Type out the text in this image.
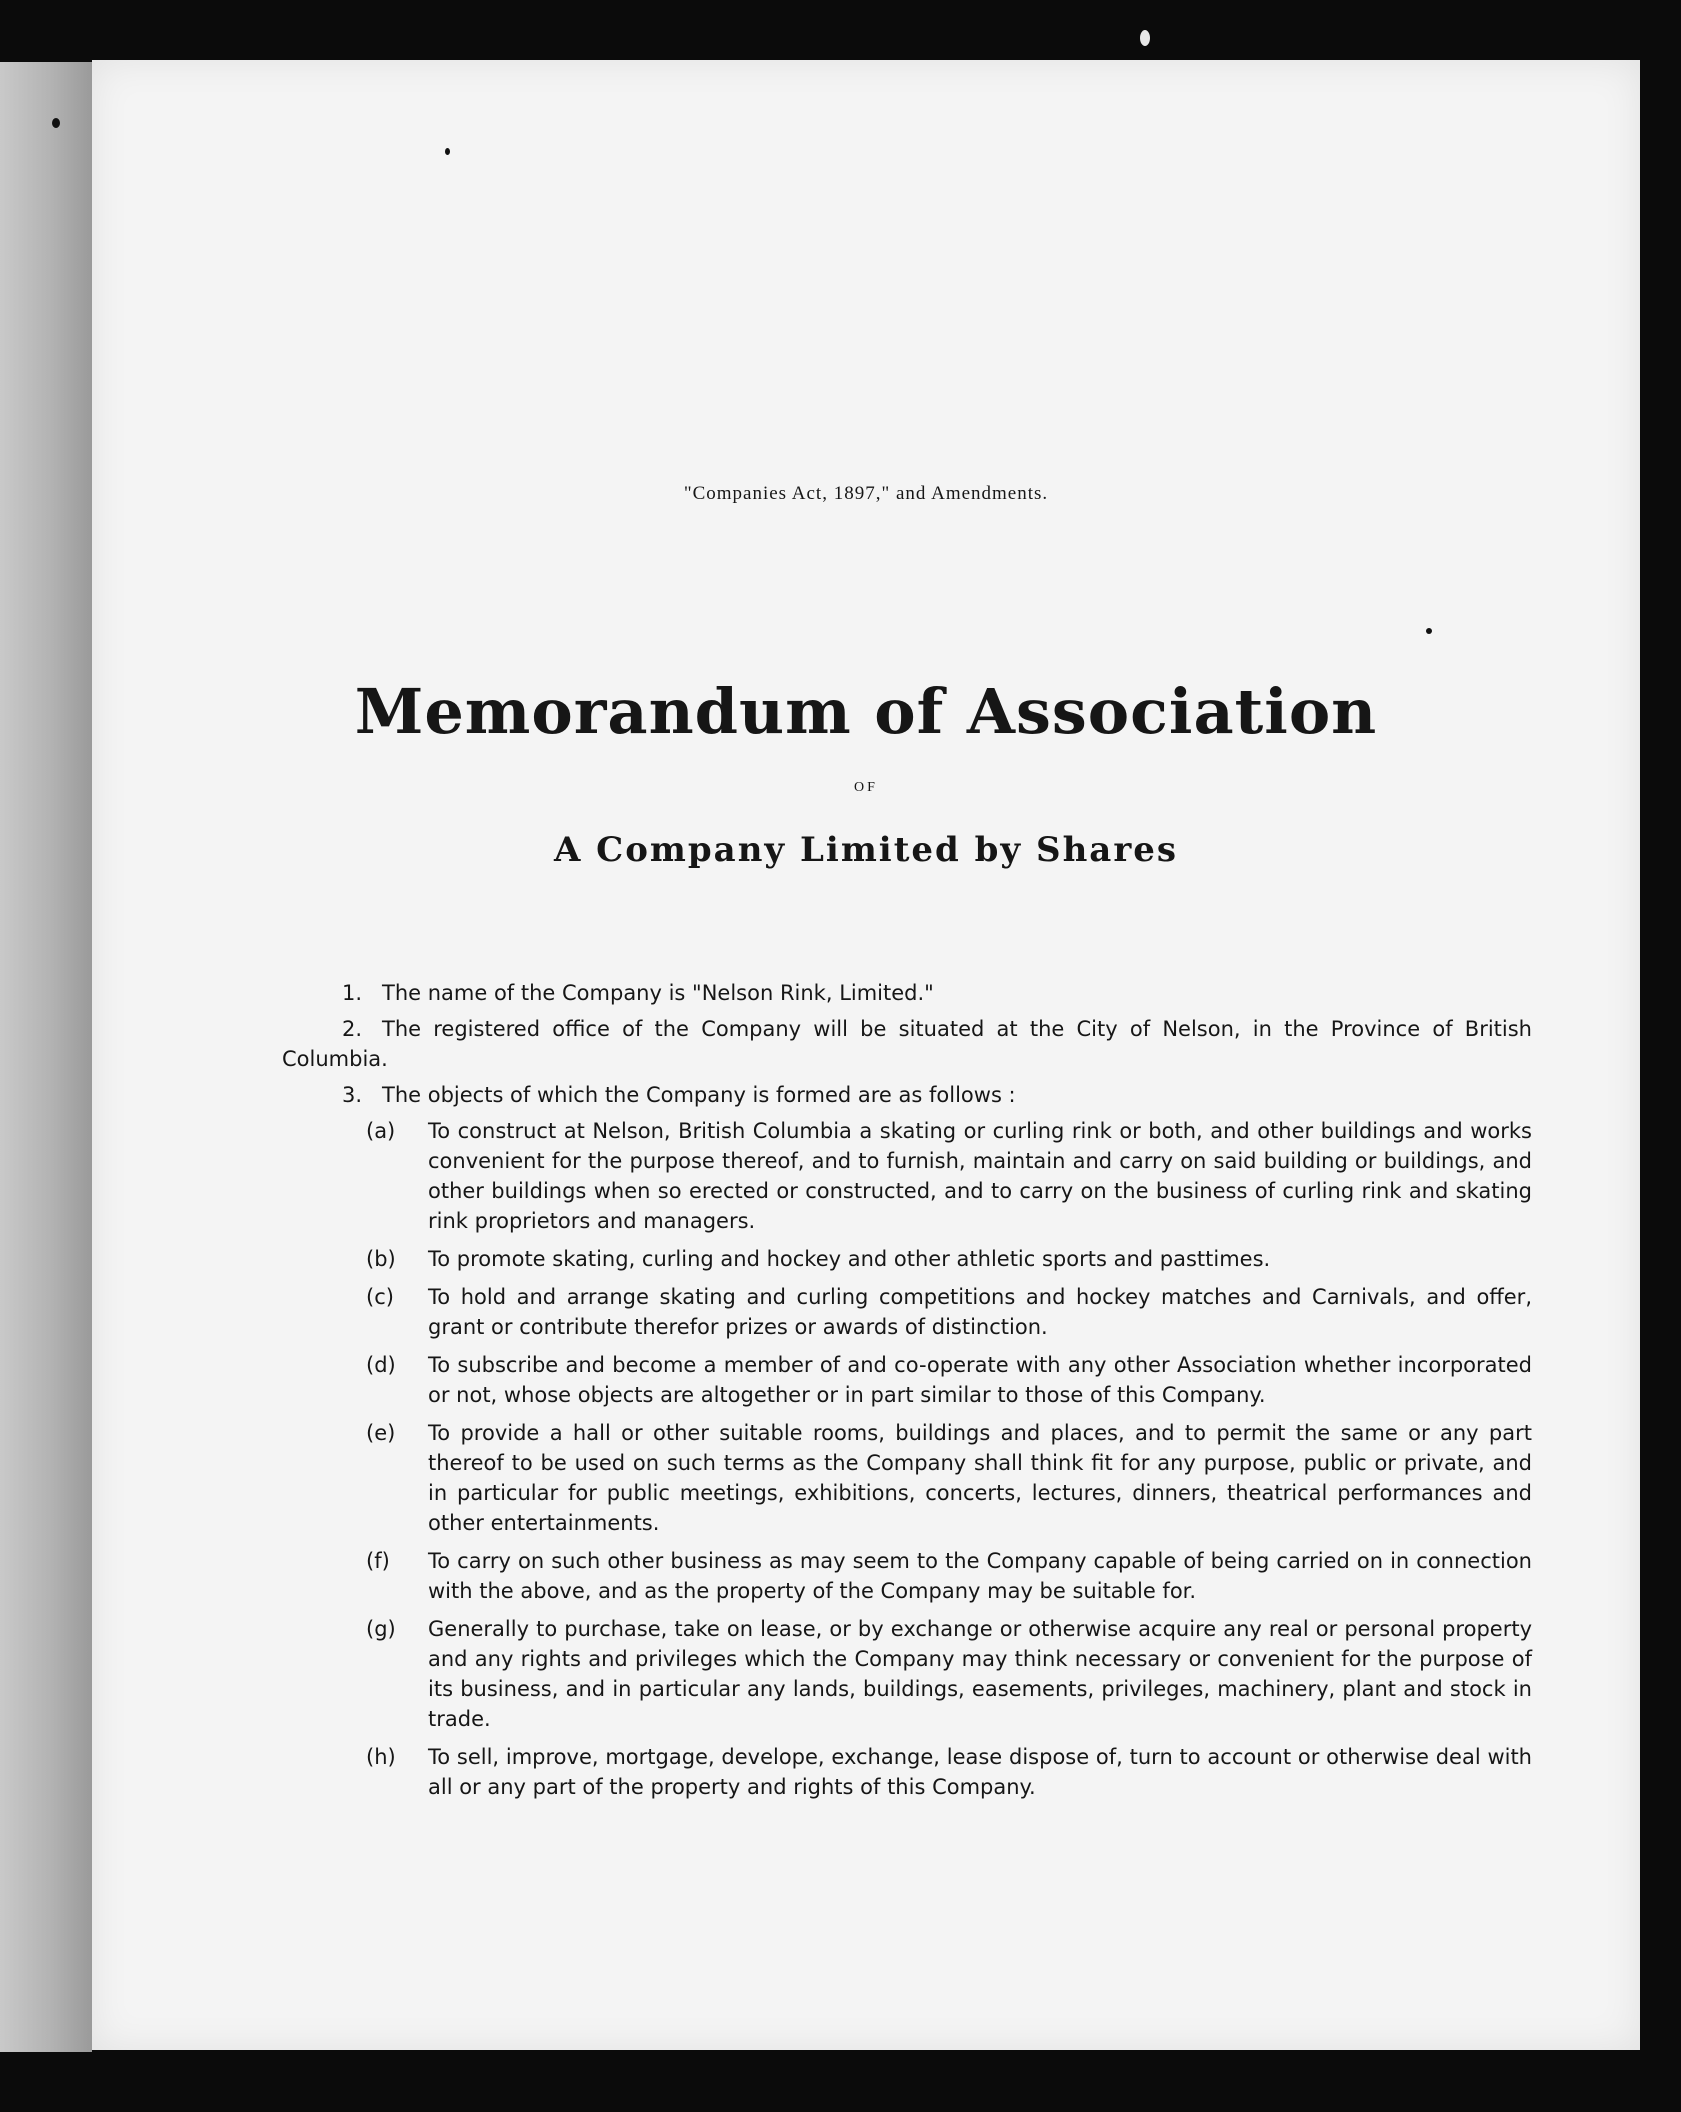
"Companies Act, 1897," and Amendments.
Memorandum of Association
OF
A Company Limited by Shares

1. The name of the Company is "Nelson Rink, Limited."

2. The registered office of the Company will be situated at the City of Nelson, in the Province of British Columbia.

3. The objects of which the Company is formed are as follows :

(a) To construct at Nelson, British Columbia a skating or curling rink or both, and other buildings and works convenient for the purpose thereof, and to furnish, maintain and carry on said building or buildings, and other buildings when so erected or constructed, and to carry on the business of curling rink and skating rink proprietors and managers.
(b) To promote skating, curling and hockey and other athletic sports and pasttimes.
(c) To hold and arrange skating and curling competitions and hockey matches and Carnivals, and offer, grant or contribute therefor prizes or awards of distinction.
(d) To subscribe and become a member of and co-operate with any other Association whether incorporated or not, whose objects are altogether or in part similar to those of this Company.
(e) To provide a hall or other suitable rooms, buildings and places, and to permit the same or any part thereof to be used on such terms as the Company shall think fit for any purpose, public or private, and in particular for public meetings, exhibitions, concerts, lectures, dinners, theatrical performances and other entertainments.
(f) To carry on such other business as may seem to the Company capable of being carried on in connection with the above, and as the property of the Company may be suitable for.
(g) Generally to purchase, take on lease, or by exchange or otherwise acquire any real or personal property and any rights and privileges which the Company may think necessary or convenient for the purpose of its business, and in particular any lands, buildings, easements, privileges, machinery, plant and stock in trade.
(h) To sell, improve, mortgage, develope, exchange, lease dispose of, turn to account or otherwise deal with all or any part of the property and rights of this Company.
